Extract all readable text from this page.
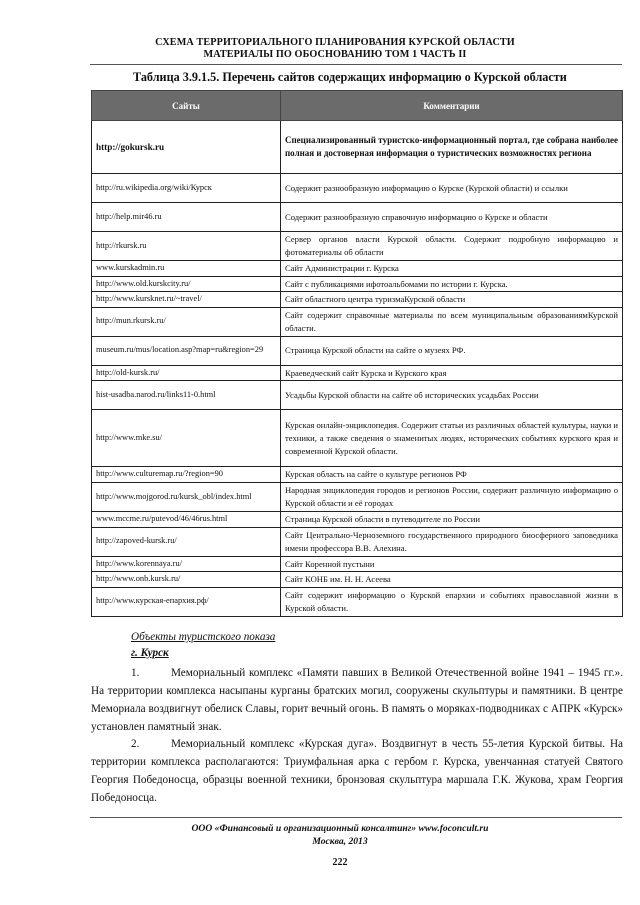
СХЕМА ТЕРРИТОРИАЛЬНОГО ПЛАНИРОВАНИЯ КУРСКОЙ ОБЛАСТИ
МАТЕРИАЛЫ ПО ОБОСНОВАНИЮ ТОМ 1 ЧАСТЬ II
Таблица 3.9.1.5. Перечень сайтов содержащих информацию о Курской области
Сайты	Комментарии
http://gokursk.ru	Специализированный туристско-информационный портал, где собрана наиболее полная и достоверная информация о туристических возможностях региона
http://ru.wikipedia.org/wiki/Курск	Содержит разнообразную информацию о Курске (Курской области) и ссылки
http://help.mir46.ru	Содержит разнообразную справочную информацию о Курске и области
http://rkursk.ru	Сервер органов власти Курской области. Содержит подробную информацию и фотоматериалы об области
www.kurskadmin.ru	Сайт Администрации г. Курска
http://www.old.kurskcity.ru/	Сайт с публикациями ифотоальбомами по истории г. Курска.
http://www.kursknet.ru/~travel/	Сайт областного центра туризмаКурской области
http://mun.rkursk.ru/	Сайт содержит справочные материалы по всем муниципальным образованиямКурской области.
museum.ru/mus/location.asp?map=ru&region=29	Страница Курской области на сайте о музеях РФ.
http://old-kursk.ru/	Краеведческий сайт Курска и Курского края
hist-usadba.narod.ru/links11-0.html	Усадьбы Курской области на сайте об исторических усадьбах России
http://www.mke.su/	Курская онлайн-энциклопедия. Содержит статьи из различных областей культуры, науки и техники, а также сведения о знаменитых людях, исторических событиях курского края и современной Курской области.
http://www.culturemap.ru/?region=90	Курская область на сайте о культуре регионов РФ
http://www.mojgorod.ru/kursk_obl/index.html	Народная энциклопедия городов и регионов России, содержит различную информацию о Курской области и её городах
www.mccme.ru/putevod/46/46rus.html	Страница Курской области в путеводителе по России
http://zapoved-kursk.ru/	Сайт Центрально-Черноземного государственного природного биосферного заповедника имени профессора В.В. Алехина.
http://www.korennaya.ru/	Сайт Коренной пустыни
http://www.onb.kursk.ru/	Сайт КОНБ им. Н. Н. Асеева
http://www.курская-епархия.рф/	Сайт содержит информацию о Курской епархии и событиях православной жизни в Курской области.
Объекты туристского показа
г. Курск
1.	Мемориальный комплекс «Памяти павших в Великой Отечественной войне 1941 – 1945 гг.». На территории комплекса насыпаны курганы братских могил, сооружены скульптуры и памятники. В центре Мемориала воздвигнут обелиск Славы, горит вечный огонь. В память о моряках-подводниках с АПРК «Курск» установлен памятный знак.
2.	Мемориальный комплекс «Курская дуга». Воздвигнут в честь 55-летия Курской битвы. На территории комплекса располагаются: Триумфальная арка с гербом г. Курска, увенчанная статуей Святого Георгия Победоносца, образцы военной техники, бронзовая скульптура маршала Г.К. Жукова, храм Георгия Победоносца.
ООО «Финансовый и организационный консалтинг» www.foconcult.ru
Москва, 2013
222
